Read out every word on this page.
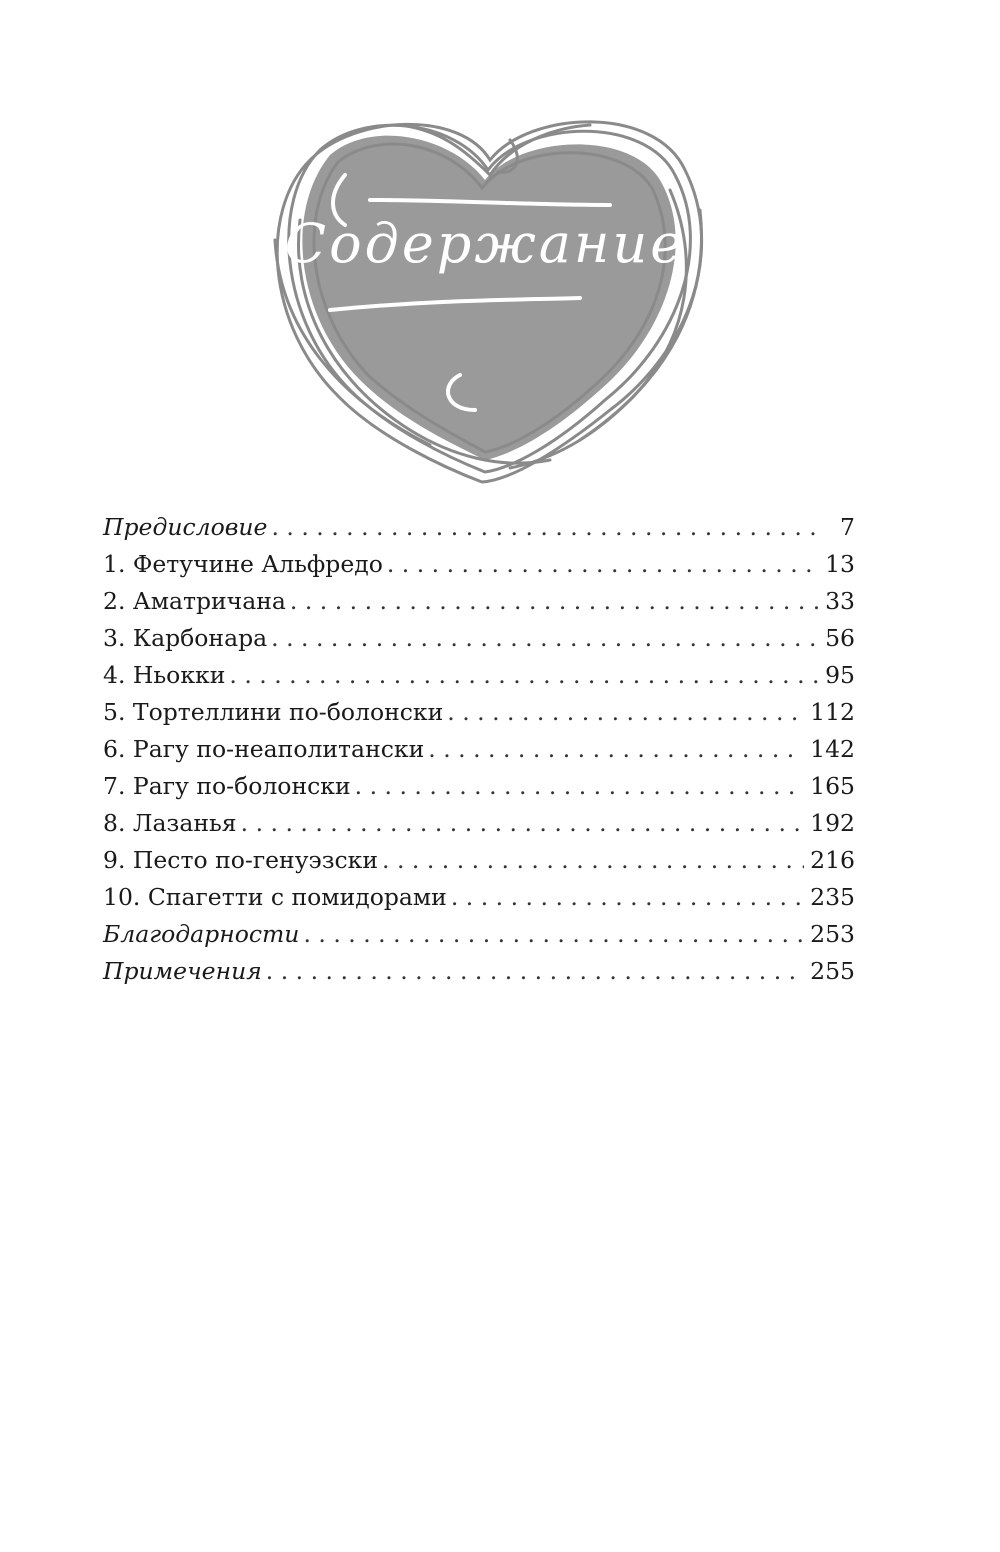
Содержание
Предисловие . . .	7
1. Фетучине Альфредо . . .	13
2. Аматричана . . .	33
3. Карбонара . . .	56
4. Ньокки . . .	95
5. Тортеллини по-болонски . . .	112
6. Рагу по-неаполитански . . .	142
7. Рагу по-болонски . . .	165
8. Лазанья . . .	192
9. Песто по-генуэзски . . .	216
10. Спагетти с помидорами . . .	235
Благодарности . . .	253
Примечения . . .	255
